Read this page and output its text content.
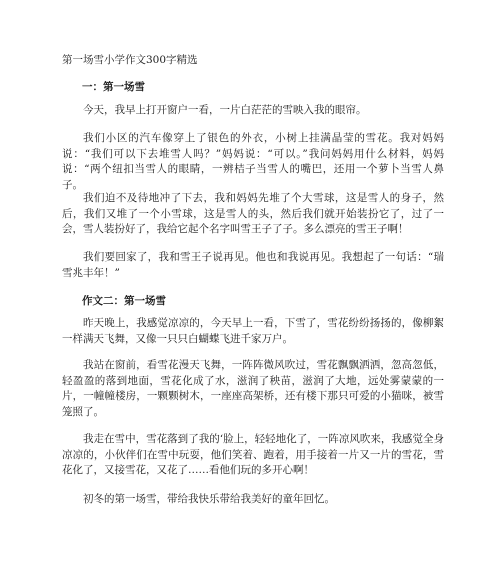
第一场雪小学作文300字精选
一：第一场雪

今天，我早上打开窗户一看，一片白茫茫的雪映入我的眼帘。

我们小区的汽车像穿上了银色的外衣，小树上挂满晶莹的雪花。我对妈妈说：“我们可以下去堆雪人吗？”妈妈说：“可以。”我问妈妈用什么材料，妈妈说：“两个纽扣当雪人的眼睛，一辨桔子当雪人的嘴巴，还用一个萝卜当雪人鼻子。

我们迫不及待地冲了下去，我和妈妈先堆了个大雪球，这是雪人的身子，然后，我们又堆了一个小雪球，这是雪人的头，然后我们就开始装扮它了，过了一会，雪人装扮好了，我给它起个名字叫雪王子了子。多么漂亮的雪王子啊！

我们要回家了，我和雪王子说再见。他也和我说再见。我想起了一句话：“瑞雪兆丰年！”

作文二：第一场雪

昨天晚上，我感觉凉凉的，今天早上一看，下雪了，雪花纷纷扬扬的，像柳絮一样满天飞舞，又像一只只白蝴蝶飞进千家万户。

我站在窗前，看雪花漫天飞舞，一阵阵微风吹过，雪花飘飘洒洒，忽高忽低，轻盈盈的落到地面，雪花化成了水，滋润了秧苗，滋润了大地，远处雾蒙蒙的一片，一幢幢楼房，一颗颗树木，一座座高架桥，还有楼下那只可爱的小猫咪，被雪笼照了。

我走在雪中，雪花落到了我的‘脸上，轻轻地化了，一阵凉风吹来，我感觉全身凉凉的，小伙伴们在雪中玩耍，他们笑着、跑着，用手接着一片又一片的雪花，雪花化了，又接雪花，又花了……看他们玩的多开心啊！

初冬的第一场雪，带给我快乐带给我美好的童年回忆。
